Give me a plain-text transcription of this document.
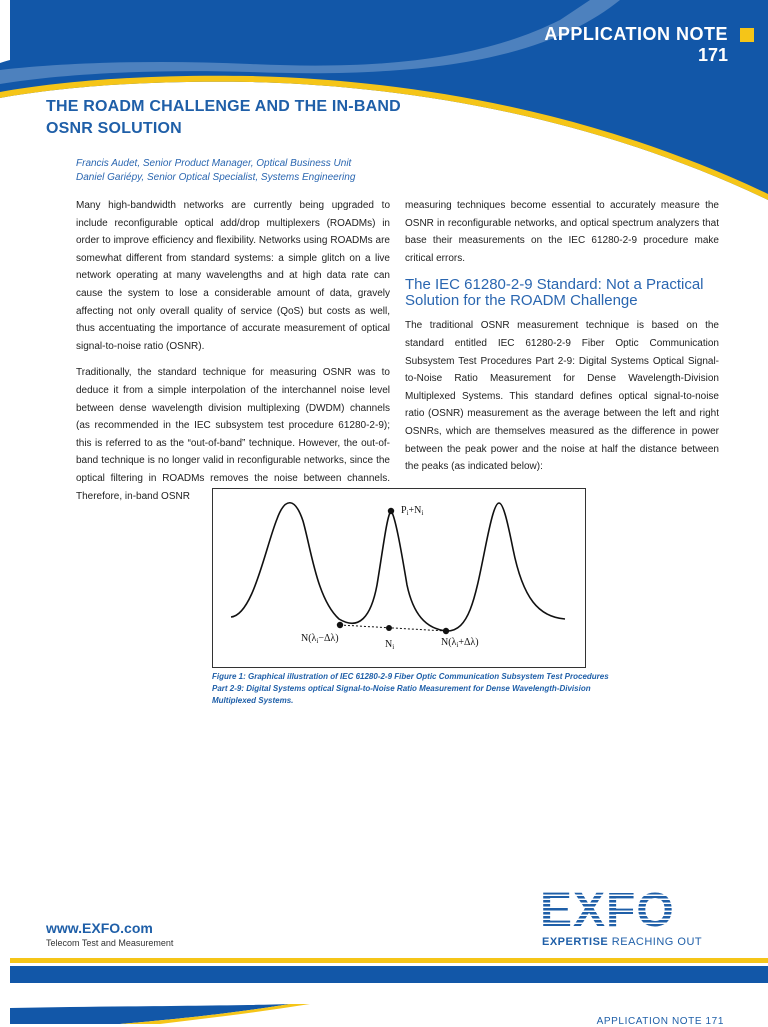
APPLICATION NOTE
171
THE ROADM CHALLENGE AND THE IN-BAND
OSNR SOLUTION
Francis Audet, Senior Product Manager, Optical Business Unit
Daniel Gariépy, Senior Optical Specialist, Systems Engineering

Many high-bandwidth networks are currently being upgraded to include reconfigurable optical add/drop multiplexers (ROADMs) in order to improve efficiency and flexibility. Networks using ROADMs are somewhat different from standard systems: a simple glitch on a live network operating at many wavelengths and at high data rate can cause the system to lose a considerable amount of data, gravely affecting not only overall quality of service (QoS) but costs as well, thus accentuating the importance of accurate measurement of optical signal-to-noise ratio (OSNR).

Traditionally, the standard technique for measuring OSNR was to deduce it from a simple interpolation of the interchannel noise level between dense wavelength division multiplexing (DWDM) channels (as recommended in the IEC subsystem test procedure 61280-2-9); this is referred to as the “out-of-band” technique. However, the out-of-band technique is no longer valid in reconfigurable networks, since the optical filtering in ROADMs removes the noise between channels. Therefore, in-band OSNR

measuring techniques become essential to accurately measure the OSNR in reconfigurable networks, and optical spectrum analyzers that base their measurements on the IEC 61280-2-9 procedure make critical errors.

The IEC 61280-2-9 Standard: Not a Practical Solution for the ROADM Challenge

The traditional OSNR measurement technique is based on the standard entitled IEC 61280-2-9 Fiber Optic Communication Subsystem Test Procedures Part 2-9: Digital Systems Optical Signal-to-Noise Ratio Measurement for Dense Wavelength-Division Multiplexed Systems. This standard defines optical signal-to-noise ratio (OSNR) measurement as the average between the left and right OSNRs, which are themselves measured as the difference in power between the peak power and the noise at half the distance between the peaks (as indicated below):

$P_i+N_i$
$N(\lambda_i-\Delta\lambda)$
$N_i$	$N(\lambda_i+\Delta\lambda)$
Figure 1: Graphical illustration of IEC 61280-2-9 Fiber Optic Communication Subsystem Test Procedures Part 2-9: Digital Systems optical Signal-to-Noise Ratio Measurement for Dense Wavelength-Division Multiplexed Systems.
www.EXFO.com
Telecom Test and Measurement
EXFO
EXPERTISE REACHING OUT
APPLICATION NOTE 171
